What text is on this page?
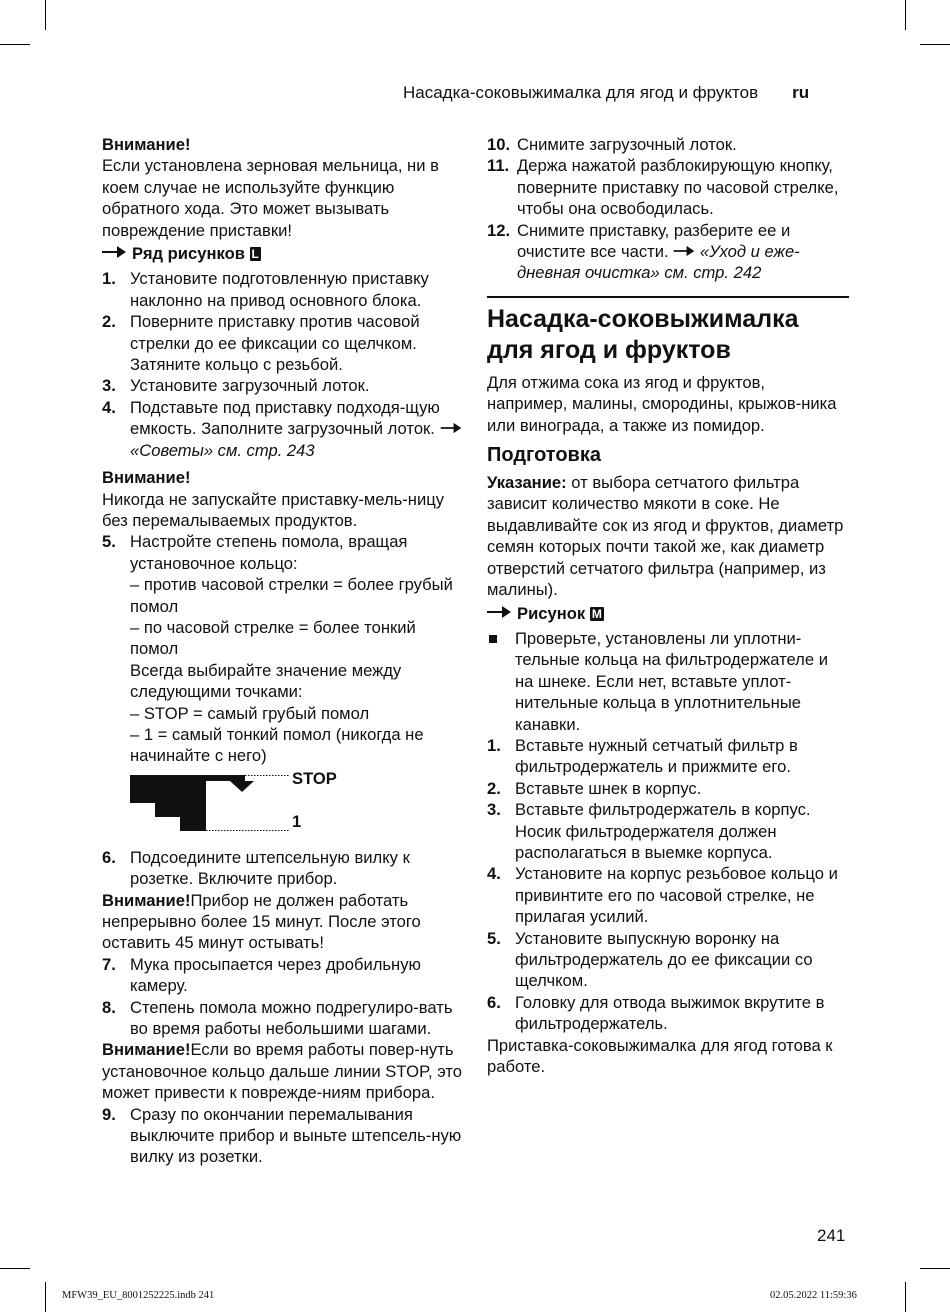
Насадка-соковыжималка для ягод и фруктов ru

Внимание!

Если установлена зерновая мельница, ни в коем случае не используйте функцию обратного хода. Это может вызывать повреждение приставки!

Ряд рисунков L
1. Установите подготовленную приставку наклонно на привод основного блока.
2. Поверните приставку против часовой стрелки до ее фиксации со щелчком. Затяните кольцо с резьбой.
3. Установите загрузочный лоток.
4. Подставьте под приставку подходя-щую емкость. Заполните загрузочный лоток.  «Советы» см. стр. 243

Внимание!

Никогда не запускайте приставку-мель-ницу без перемалываемых продуктов.

5. Настройте степень помола, вращая установочное кольцо:
– против часовой стрелки = более грубый помол
– по часовой стрелке = более тонкий помол
Всегда выбирайте значение между следующими точками:
– STOP = самый грубый помол
– 1 = самый тонкий помол (никогда не начинайте с него)
STOP
1
6. Подсоедините штепсельную вилку к розетке. Включите прибор.

Внимание!Прибор не должен работать непрерывно более 15 минут. После этого оставить 45 минут остывать!

7. Мука просыпается через дробильную камеру.
8. Степень помола можно подрегулиро-вать во время работы небольшими шагами.

Внимание!Если во время работы повер-нуть установочное кольцо дальше линии STOP, это может привести к поврежде-ниям прибора.

9. Сразу по окончании перемалывания выключите прибор и выньте штепсель-ную вилку из розетки.
10. Снимите загрузочный лоток.
11. Держа нажатой разблокирующую кнопку, поверните приставку по часовой стрелке, чтобы она освободилась.
12. Снимите приставку, разберите ее и очистите все части. «Уход и еже-дневная очистка» см. стр. 242

Насадка-соковыжималка для ягод и фруктов

Для отжима сока из ягод и фруктов, например, малины, смородины, крыжов-ника или винограда, а также из помидор.

Подготовка

Указание: от выбора сетчатого фильтра зависит количество мякоти в соке. Не выдавливайте сок из ягод и фруктов, диаметр семян которых почти такой же, как диаметр отверстий сетчатого фильтра (например, из малины).

Рисунок M
Проверьте, установлены ли уплотни-тельные кольца на фильтродержателе и на шнеке. Если нет, вставьте уплот-нительные кольца в уплотнительные канавки.
1. Вставьте нужный сетчатый фильтр в фильтродержатель и прижмите его.
2. Вставьте шнек в корпус.
3. Вставьте фильтродержатель в корпус. Носик фильтродержателя должен располагаться в выемке корпуса.
4. Установите на корпус резьбовое кольцо и привинтите его по часовой стрелке, не прилагая усилий.
5. Установите выпускную воронку на фильтродержатель до ее фиксации со щелчком.
6. Головку для отвода выжимок вкрутите в фильтродержатель.

Приставка-соковыжималка для ягод готова к работе.

241
MFW39_EU_8001252225.indb 241	02.05.2022 11:59:36
